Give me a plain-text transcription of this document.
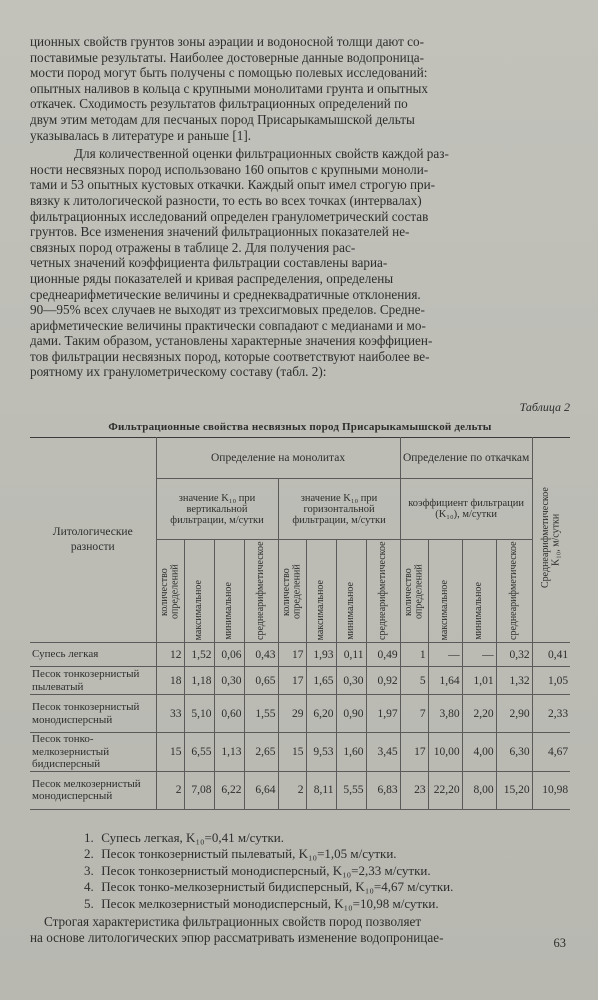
ционных свойств грунтов зоны аэрации и водоносной толщи дают со-
поставимые результаты. Наиболее достоверные данные водопроница-
мости пород могут быть получены с помощью полевых исследований:
опытных наливов в кольца с крупными монолитами грунта и опытных
откачек. Сходимость результатов фильтрационных определений по
двум этим методам для песчаных пород Присарыкамышской дельты
указывалась в литературе и раньше [1].

Для количественной оценки фильтрационных свойств каждой раз-
ности несвязных пород использовано 160 опытов с крупными моноли-
тами и 53 опытных кустовых откачки. Каждый опыт имел строгую при-
вязку к литологической разности, то есть во всех точках (интервалах)
фильтрационных исследований определен гранулометрический состав
грунтов. Все изменения значений фильтрационных показателей не-
связных пород отражены в таблице 2. Для получения рас-
четных значений коэффициента фильтрации составлены вариа-
ционные ряды показателей и кривая распределения, определены
среднеарифметические величины и среднеквадратичные отклонения.
90—95% всех случаев не выходят из трехсигмовых пределов. Средне-
арифметические величины практически совпадают с медианами и мо-
дами. Таким образом, установлены характерные значения коэффициен-
тов фильтрации несвязных пород, которые соответствуют наиболее ве-
роятному их гранулометрическому составу (табл. 2):

Таблица 2
Фильтрационные свойства несвязных пород Присарыкамышской дельты
Литологические разности	Определение на монолитах								Определение по откачкам				Среднеарифметическое K₁₀, м/сутки

	значение K₁₀ при вертикальной фильтрации, м/сутки				значение K₁₀ при горизонтальной фильтрации, м/сутки				коэффициент фильтрации (K₁₀), м/сутки				

	количество определений	максимальное	минимальное	среднеарифметическое	количество определений	максимальное	минимальное	среднеарифметическое	количество определений	максимальное	минимальное	среднеарифметическое	

Супесь легкая	12	1,52	0,06	0,43	17	1,93	0,11	0,49	1	—	—	0,32	0,41
Песок тонкозернистый пылеватый	18	1,18	0,30	0,65	17	1,65	0,30	0,92	5	1,64	1,01	1,32	1,05
Песок тонкозернистый монодисперсный	33	5,10	0,60	1,55	29	6,20	0,90	1,97	7	3,80	2,20	2,90	2,33
Песок тонко-мелкозернистый бидисперсный	15	6,55	1,13	2,65	15	9,53	1,60	3,45	17	10,00	4,00	6,30	4,67
Песок мелкозернистый монодисперсный	2	7,08	6,22	6,64	2	8,11	5,55	6,83	23	22,20	8,00	15,20	10,98
1. Супесь легкая, K₁₀=0,41 м/сутки.
2. Песок тонкозернистый пылеватый, K₁₀=1,05 м/сутки.
3. Песок тонкозернистый монодисперсный, K₁₀=2,33 м/сутки.
4. Песок тонко-мелкозернистый бидисперсный, K₁₀=4,67 м/сутки.
5. Песок мелкозернистый монодисперсный, K₁₀=10,98 м/сутки.

Строгая характеристика фильтрационных свойств пород позволяет
на основе литологических эпюр рассматривать изменение водопроницае-	63
